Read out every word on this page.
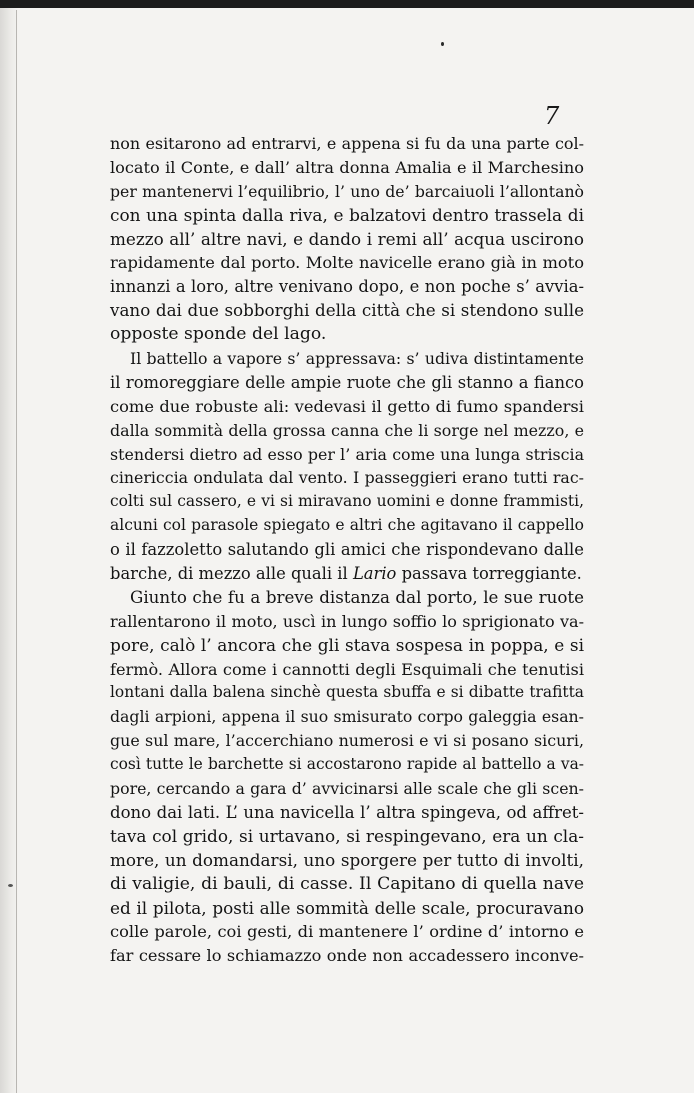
7
non esitarono ad entrarvi, e appena si fu da una parte col-
locato il Conte, e dall’ altra donna Amalia e il Marchesino
per mantenervi l’equilibrio, l’ uno de’ barcaiuoli l’allontanò
con una spinta dalla riva, e balzatovi dentro trassela di
mezzo all’ altre navi, e dando i remi all’ acqua uscirono
rapidamente dal porto. Molte navicelle erano già in moto
innanzi a loro, altre venivano dopo, e non poche s’ avvia-
vano dai due sobborghi della città che si stendono sulle
opposte sponde del lago.
Il battello a vapore s’ appressava: s’ udiva distintamente
il romoreggiare delle ampie ruote che gli stanno a fianco
come due robuste ali: vedevasi il getto di fumo spandersi
dalla sommità della grossa canna che li sorge nel mezzo, e
stendersi dietro ad esso per l’ aria come una lunga striscia
cinericcia ondulata dal vento. I passeggieri erano tutti rac-
colti sul cassero, e vi si miravano uomini e donne frammisti,
alcuni col parasole spiegato e altri che agitavano il cappello
o il fazzoletto salutando gli amici che rispondevano dalle
barche, di mezzo alle quali il Lario passava torreggiante.
Giunto che fu a breve distanza dal porto, le sue ruote
rallentarono il moto, uscì in lungo soffio lo sprigionato va-
pore, calò l’ ancora che gli stava sospesa in poppa, e si
fermò. Allora come i cannotti degli Esquimali che tenutisi
lontani dalla balena sinchè questa sbuffa e si dibatte trafitta
dagli arpioni, appena il suo smisurato corpo galeggia esan-
gue sul mare, l’accerchiano numerosi e vi si posano sicuri,
così tutte le barchette si accostarono rapide al battello a va-
pore, cercando a gara d’ avvicinarsi alle scale che gli scen-
dono dai lati. L’ una navicella l’ altra spingeva, od affret-
tava col grido, si urtavano, si respingevano, era un cla-
more, un domandarsi, uno sporgere per tutto di involti,
di valigie, di bauli, di casse. Il Capitano di quella nave
ed il pilota, posti alle sommità delle scale, procuravano
colle parole, coi gesti, di mantenere l’ ordine d’ intorno e
far cessare lo schiamazzo onde non accadessero inconve-
